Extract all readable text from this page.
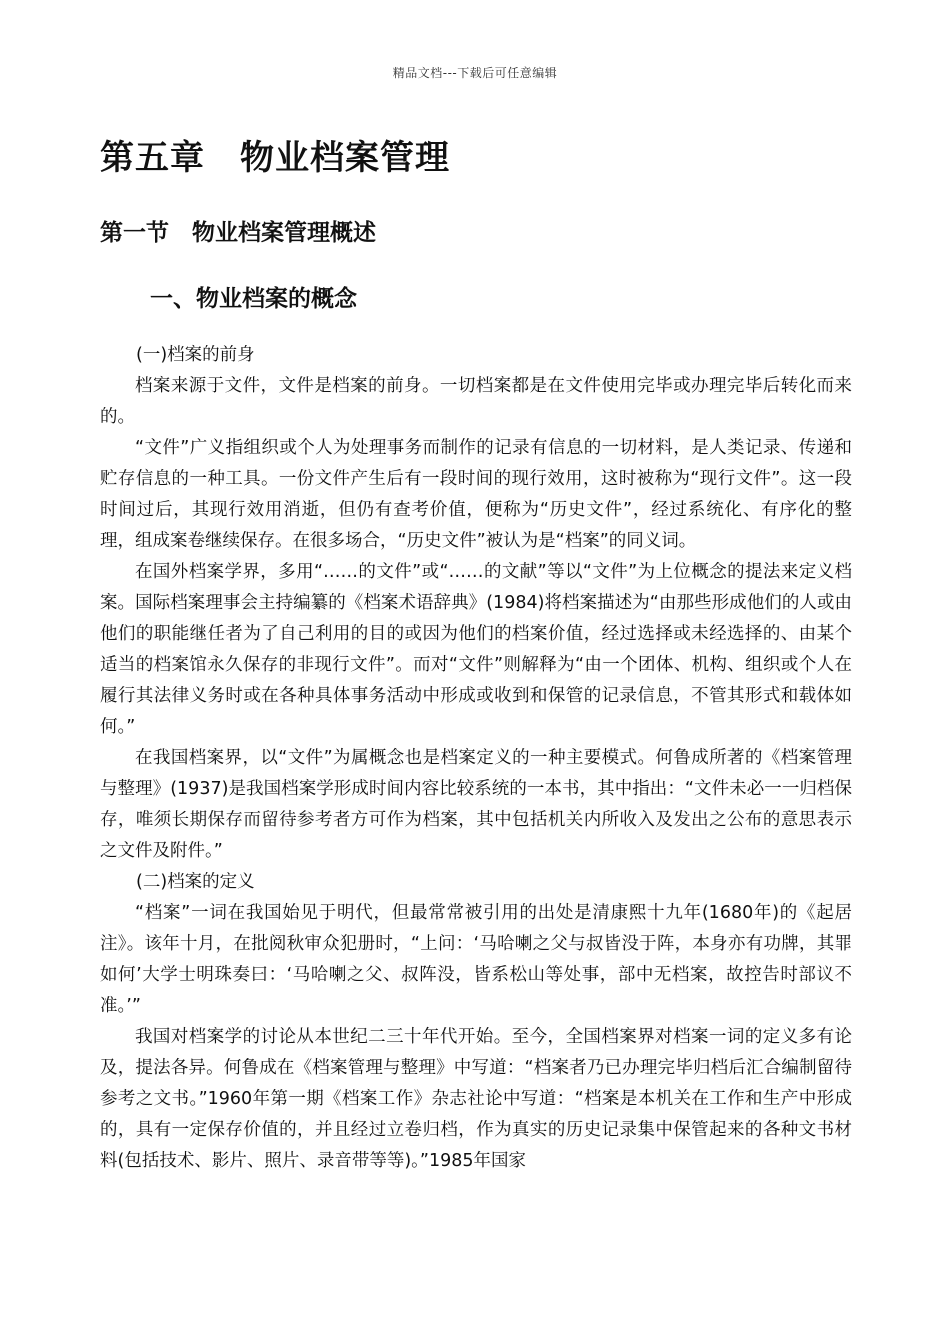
精品文档---下载后可任意编辑
第五章　物业档案管理
第一节　物业档案管理概述
一、物业档案的概念

(一)档案的前身

档案来源于文件，文件是档案的前身。一切档案都是在文件使用完毕或办理完毕后转化而来的。

“文件”广义指组织或个人为处理事务而制作的记录有信息的一切材料，是人类记录、传递和贮存信息的一种工具。一份文件产生后有一段时间的现行效用，这时被称为“现行文件”。这一段时间过后，其现行效用消逝，但仍有查考价值，便称为“历史文件”，经过系统化、有序化的整理，组成案卷继续保存。在很多场合，“历史文件”被认为是“档案”的同义词。

在国外档案学界，多用“……的文件”或“……的文献”等以“文件”为上位概念的提法来定义档案。国际档案理事会主持编纂的《档案术语辞典》(1984)将档案描述为“由那些形成他们的人或由他们的职能继任者为了自己利用的目的或因为他们的档案价值，经过选择或未经选择的、由某个适当的档案馆永久保存的非现行文件”。而对“文件”则解释为“由一个团体、机构、组织或个人在履行其法律义务时或在各种具体事务活动中形成或收到和保管的记录信息，不管其形式和载体如何。”

在我国档案界，以“文件”为属概念也是档案定义的一种主要模式。何鲁成所著的《档案管理与整理》(1937)是我国档案学形成时间内容比较系统的一本书，其中指出：“文件未必一一归档保存，唯须长期保存而留待参考者方可作为档案，其中包括机关内所收入及发出之公布的意思表示之文件及附件。”

(二)档案的定义

“档案”一词在我国始见于明代，但最常常被引用的出处是清康熙十九年(1680年)的《起居注》。该年十月，在批阅秋审众犯册时，“上问：‘马哈喇之父与叔皆没于阵，本身亦有功牌，其罪如何’大学士明珠奏曰：‘马哈喇之父、叔阵没，皆系松山等处事，部中无档案，故控告时部议不准。’”

我国对档案学的讨论从本世纪二三十年代开始。至今，全国档案界对档案一词的定义多有论及，提法各异。何鲁成在《档案管理与整理》中写道：“档案者乃已办理完毕归档后汇合编制留待参考之文书。”1960年第一期《档案工作》杂志社论中写道：“档案是本机关在工作和生产中形成的，具有一定保存价值的，并且经过立卷归档，作为真实的历史记录集中保管起来的各种文书材料(包括技术、影片、照片、录音带等等)。”1985年国家
